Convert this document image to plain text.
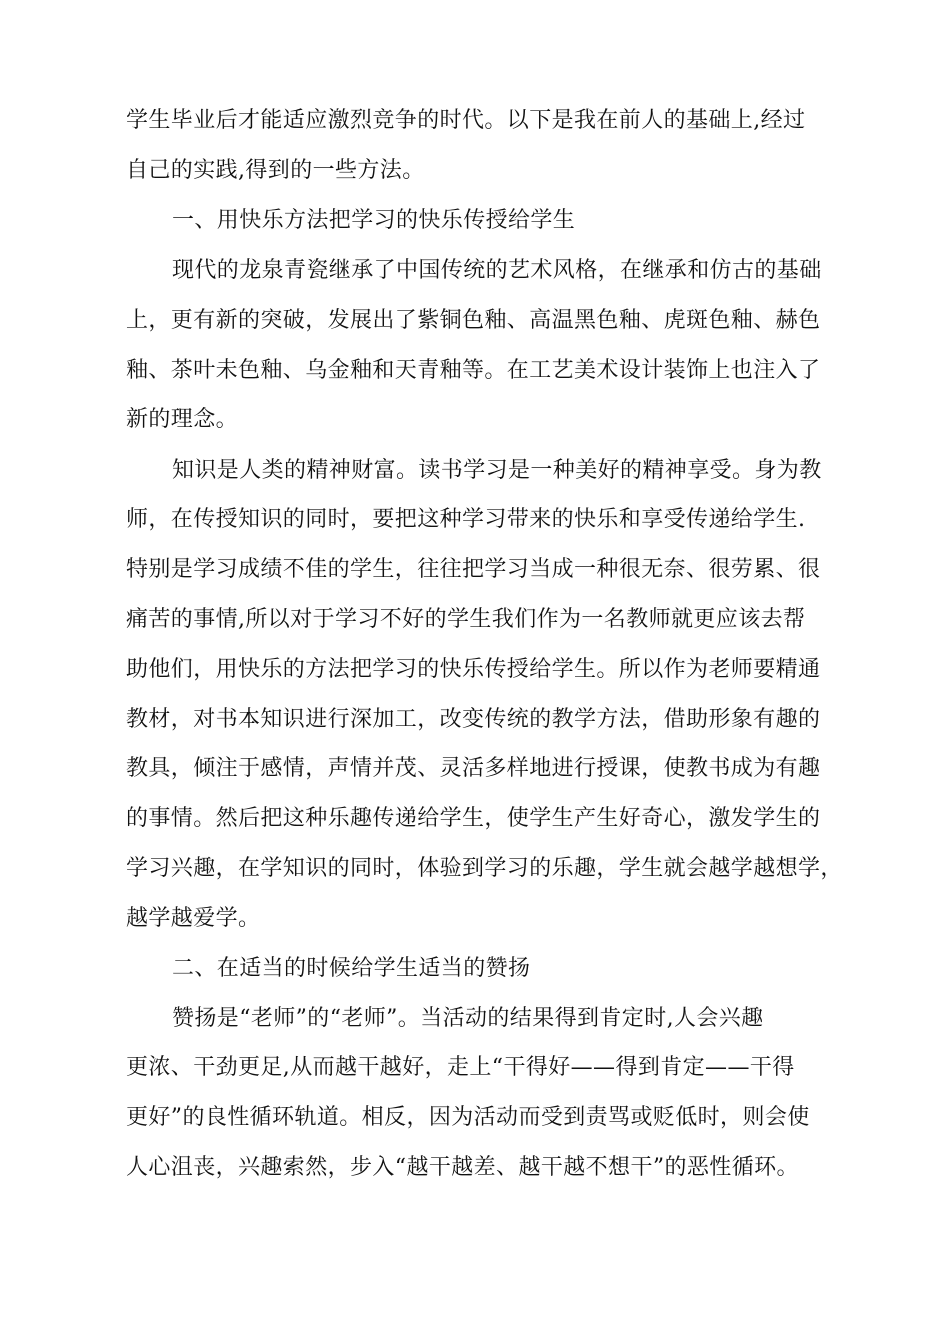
学生毕业后才能适应激烈竞争的时代。以下是我在前人的基础上,经过
自己的实践,得到的一些方法。
一、用快乐方法把学习的快乐传授给学生
现代的龙泉青瓷继承了中国传统的艺术风格，在继承和仿古的基础
上，更有新的突破，发展出了紫铜色釉、高温黑色釉、虎斑色釉、赫色
釉、茶叶未色釉、乌金釉和天青釉等。在工艺美术设计装饰上也注入了
新的理念。
知识是人类的精神财富。读书学习是一种美好的精神享受。身为教
师，在传授知识的同时，要把这种学习带来的快乐和享受传递给学生.
特别是学习成绩不佳的学生，往往把学习当成一种很无奈、很劳累、很
痛苦的事情,所以对于学习不好的学生我们作为一名教师就更应该去帮
助他们，用快乐的方法把学习的快乐传授给学生。所以作为老师要精通
教材，对书本知识进行深加工，改变传统的教学方法，借助形象有趣的
教具，倾注于感情，声情并茂、灵活多样地进行授课，使教书成为有趣
的事情。然后把这种乐趣传递给学生，使学生产生好奇心，激发学生的
学习兴趣，在学知识的同时，体验到学习的乐趣，学生就会越学越想学，
越学越爱学。
二、在适当的时候给学生适当的赞扬
赞扬是“老师”的“老师”。当活动的结果得到肯定时,人会兴趣
更浓、干劲更足,从而越干越好，走上“干得好——得到肯定——干得
更好”的良性循环轨道。相反，因为活动而受到责骂或贬低时，则会使
人心沮丧，兴趣索然，步入“越干越差、越干越不想干”的恶性循环。
